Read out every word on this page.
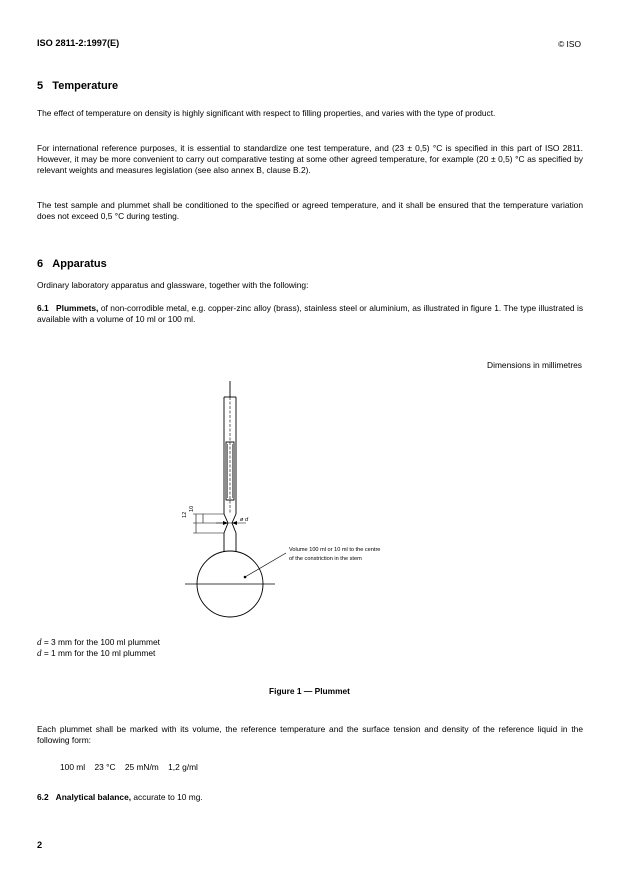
ISO 2811-2:1997(E)	© ISO
5 Temperature
The effect of temperature on density is highly significant with respect to filling properties, and varies with the type of product.
For international reference purposes, it is essential to standardize one test temperature, and (23 ± 0,5) °C is specified in this part of ISO 2811. However, it may be more convenient to carry out comparative testing at some other agreed temperature, for example (20 ± 0,5) °C as specified by relevant weights and measures legislation (see also annex B, clause B.2).
The test sample and plummet shall be conditioned to the specified or agreed temperature, and it shall be ensured that the temperature variation does not exceed 0,5 °C during testing.
6 Apparatus
Ordinary laboratory apparatus and glassware, together with the following:
6.1 Plummets, of non-corrodible metal, e.g. copper-zinc alloy (brass), stainless steel or aluminium, as illustrated in figure 1. The type illustrated is available with a volume of 10 ml or 100 ml.
Dimensions in millimetres
12
10
ø d
Volume 100 ml or 10 ml to the centre
of the constriction in the stem
d = 3 mm for the 100 ml plummet
d = 1 mm for the 10 ml plummet
Figure 1 — Plummet
Each plummet shall be marked with its volume, the reference temperature and the surface tension and density of the reference liquid in the following form:
100 ml 23 °C 25 mN/m 1,2 g/ml
6.2 Analytical balance, accurate to 10 mg.
2
